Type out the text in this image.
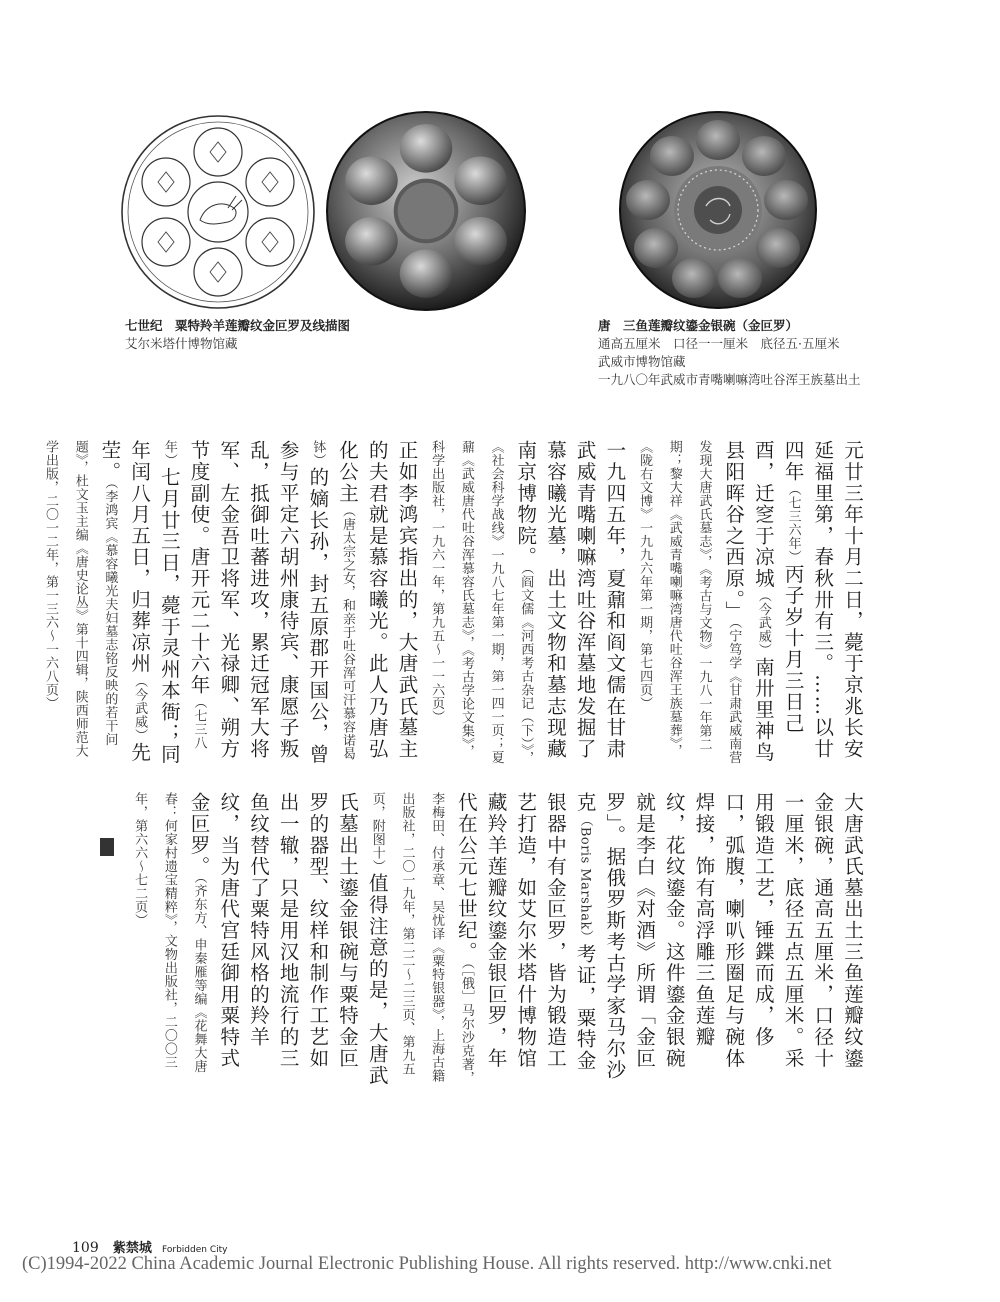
七世纪　粟特羚羊莲瓣纹金叵罗及线描图
艾尔米塔什博物馆藏
唐　三鱼莲瓣纹鎏金银碗（金叵罗）
通高五厘米　口径一一厘米　底径五·五厘米
武威市博物馆藏
一九八〇年武威市青嘴喇嘛湾吐谷浑王族墓出土
元廿三年十月二日，薨于京兆长安延福里第，春秋卅有三。……以廿四年（七三六年）丙子岁十月三日己酉，迁窆于凉城（今武威）南卅里神鸟县阳晖谷之西原。」（宁笃学《甘肃武威南营发现大唐武氏墓志》，《考古与文物》一九八一年第二期；黎大祥《武威青嘴喇嘛湾唐代吐谷浑王族墓葬》，《陇右文博》一九九六年第一期，第七四页）
一九四五年，夏鼐和阎文儒在甘肃武威青嘴喇嘛湾吐谷浑墓地发掘了慕容曦光墓，出土文物和墓志现藏南京博物院。（阎文儒《河西考古杂记（下）》，《社会科学战线》一九八七年第一期，第一四一页；夏鼐《武威唐代吐谷浑慕容氏墓志》，《考古学论文集》，科学出版社，一九六一年，第九五～一一六页）
正如李鸿宾指出的，大唐武氏墓主的夫君就是慕容曦光。此人乃唐弘化公主（唐太宗之女，和亲于吐谷浑可汗慕容诺曷钵）的嫡长孙，封五原郡开国公，曾参与平定六胡州康待宾、康愿子叛乱，抵御吐蕃进攻，累迁冠军大将军、左金吾卫将军、光禄卿、朔方节度副使。唐开元二十六年（七三八年）七月廿三日，薨于灵州本衙；同年闰八月五日，归葬凉州（今武威）先茔。（李鸿宾《慕容曦光夫妇墓志铭反映的若干问题》，杜文玉主编《唐史论丛》第十四辑，陕西师范大学出版，二〇一二年，第一三六～一六八页）
大唐武氏墓出土三鱼莲瓣纹鎏金银碗，通高五厘米，口径十一厘米，底径五点五厘米。采用锻造工艺，锤鍱而成，侈口，弧腹，喇叭形圈足与碗体焊接，饰有高浮雕三鱼莲瓣纹，花纹鎏金。这件鎏金银碗就是李白《对酒》所谓「金叵罗」。据俄罗斯考古学家马尔沙克（Boris Marshak）考证，粟特金银器中有金叵罗，皆为锻造工艺打造，如艾尔米塔什博物馆藏羚羊莲瓣纹鎏金银叵罗，年代在公元七世纪。（［俄］马尔沙克著，李梅田、付承章、吴忧译《粟特银器》，上海古籍出版社，二〇一九年，第二二～二三页、第九五页，附图十）值得注意的是，大唐武氏墓出土鎏金银碗与粟特金叵罗的器型、纹样和制作工艺如出一辙，只是用汉地流行的三鱼纹替代了粟特风格的羚羊纹，当为唐代宫廷御用粟特式金叵罗。（齐东方、申秦雁等编《花舞大唐春：何家村遗宝精粹》，文物出版社，二〇〇三年，第六六～七二页）
109 紫禁城 Forbidden City
(C)1994-2022 China Academic Journal Electronic Publishing House. All rights reserved. http://www.cnki.net
